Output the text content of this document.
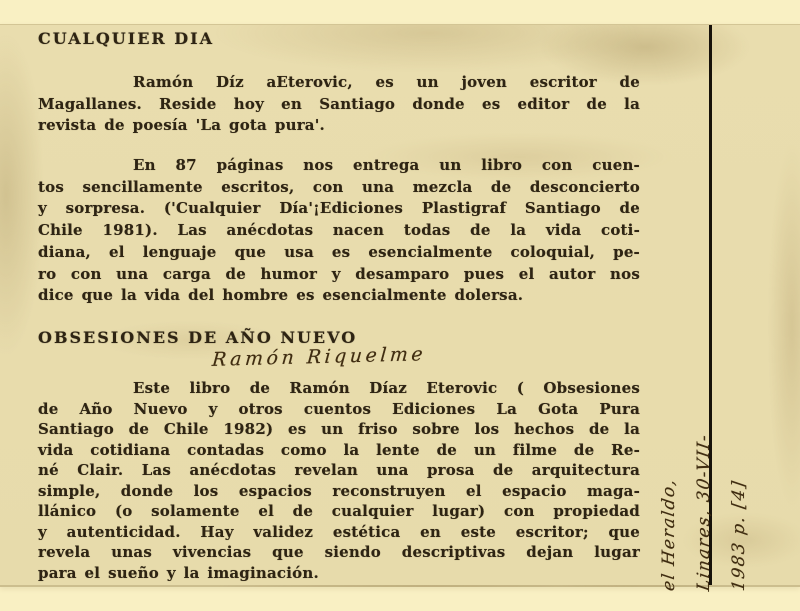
CUALQUIER DIA
Ramón Díz aEterovic, es un joven escritor de
Magallanes. Reside hoy en Santiago donde es editor de la
revista de poesía 'La gota pura'.
En 87 páginas nos entrega un libro con cuen-
tos sencillamente escritos, con una mezcla de desconcierto
y sorpresa. ('Cualquier Día'¡Ediciones Plastigraf Santiago de
Chile 1981). Las anécdotas nacen todas de la vida coti-
diana, el lenguaje que usa es esencialmente coloquial, pe-
ro con una carga de humor y desamparo pues el autor nos
dice que la vida del hombre es esencialmente dolersa.
OBSESIONES DE AÑO NUEVO
Ramón Riquelme
Este libro de Ramón Díaz Eterovic ( Obsesiones
de Año Nuevo y otros cuentos Ediciones La Gota Pura
Santiago de Chile 1982) es un friso sobre los hechos de la
vida cotidiana contadas como la lente de un filme de Re-
né Clair. Las anécdotas revelan una prosa de arquitectura
simple, donde los espacios reconstruyen el espacio maga-
llánico (o solamente el de cualquier lugar) con propiedad
y autenticidad. Hay validez estética en este escritor; que
revela unas vivencias que siendo descriptivas dejan lugar
para el sueño y la imaginación.	el Heraldo, Linares, 30-VII- 1983 p. [4]
